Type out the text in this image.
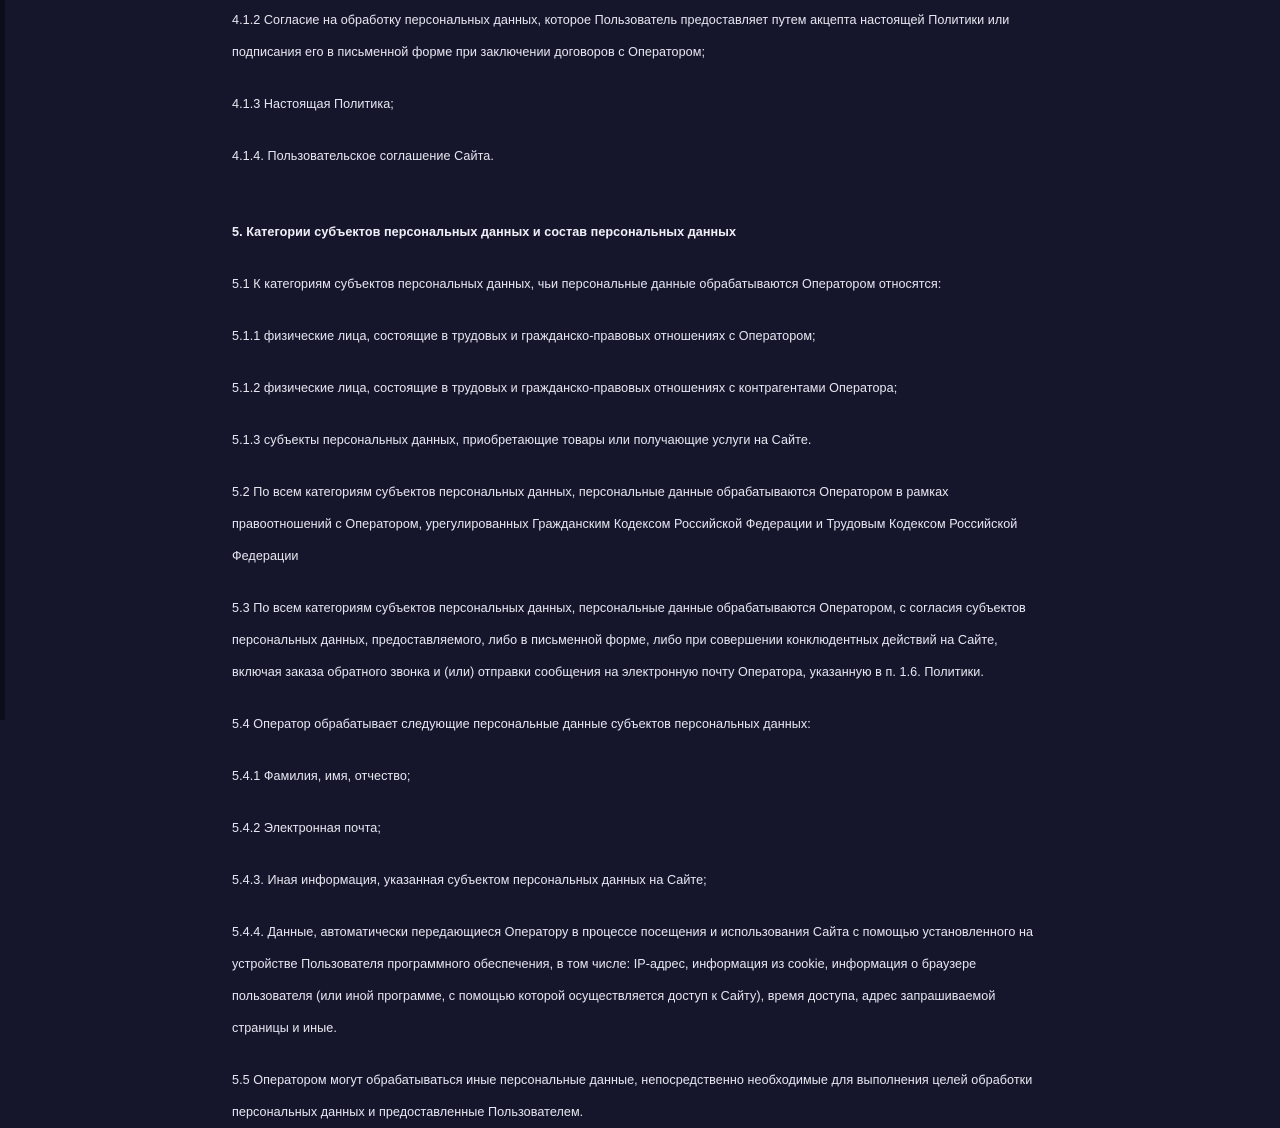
4.1.2 Согласие на обработку персональных данных, которое Пользователь предоставляет путем акцепта настоящей Политики или подписания его в письменной форме при заключении договоров с Оператором;

4.1.3 Настоящая Политика;

4.1.4. Пользовательское соглашение Сайта.

5. Категории субъектов персональных данных и состав персональных данных

5.1 К категориям субъектов персональных данных, чьи персональные данные обрабатываются Оператором относятся:

5.1.1 физические лица, состоящие в трудовых и гражданско-правовых отношениях с Оператором;

5.1.2 физические лица, состоящие в трудовых и гражданско-правовых отношениях с контрагентами Оператора;

5.1.3 субъекты персональных данных, приобретающие товары или получающие услуги на Сайте.

5.2 По всем категориям субъектов персональных данных, персональные данные обрабатываются Оператором в рамках правоотношений с Оператором, урегулированных Гражданским Кодексом Российской Федерации и Трудовым Кодексом Российской Федерации

5.3 По всем категориям субъектов персональных данных, персональные данные обрабатываются Оператором, с согласия субъектов персональных данных, предоставляемого, либо в письменной форме, либо при совершении конклюдентных действий на Сайте, включая заказа обратного звонка и (или) отправки сообщения на электронную почту Оператора, указанную в п. 1.6. Политики.

5.4 Оператор обрабатывает следующие персональные данные субъектов персональных данных:

5.4.1 Фамилия, имя, отчество;

5.4.2 Электронная почта;

5.4.3. Иная информация, указанная субъектом персональных данных на Сайте;

5.4.4. Данные, автоматически передающиеся Оператору в процессе посещения и использования Сайта с помощью установленного на устройстве Пользователя программного обеспечения, в том числе: IP-адрес, информация из cookie, информация о браузере пользователя (или иной программе, с помощью которой осуществляется доступ к Сайту), время доступа, адрес запрашиваемой страницы и иные.

5.5 Оператором могут обрабатываться иные персональные данные, непосредственно необходимые для выполнения целей обработки персональных данных и предоставленные Пользователем.
